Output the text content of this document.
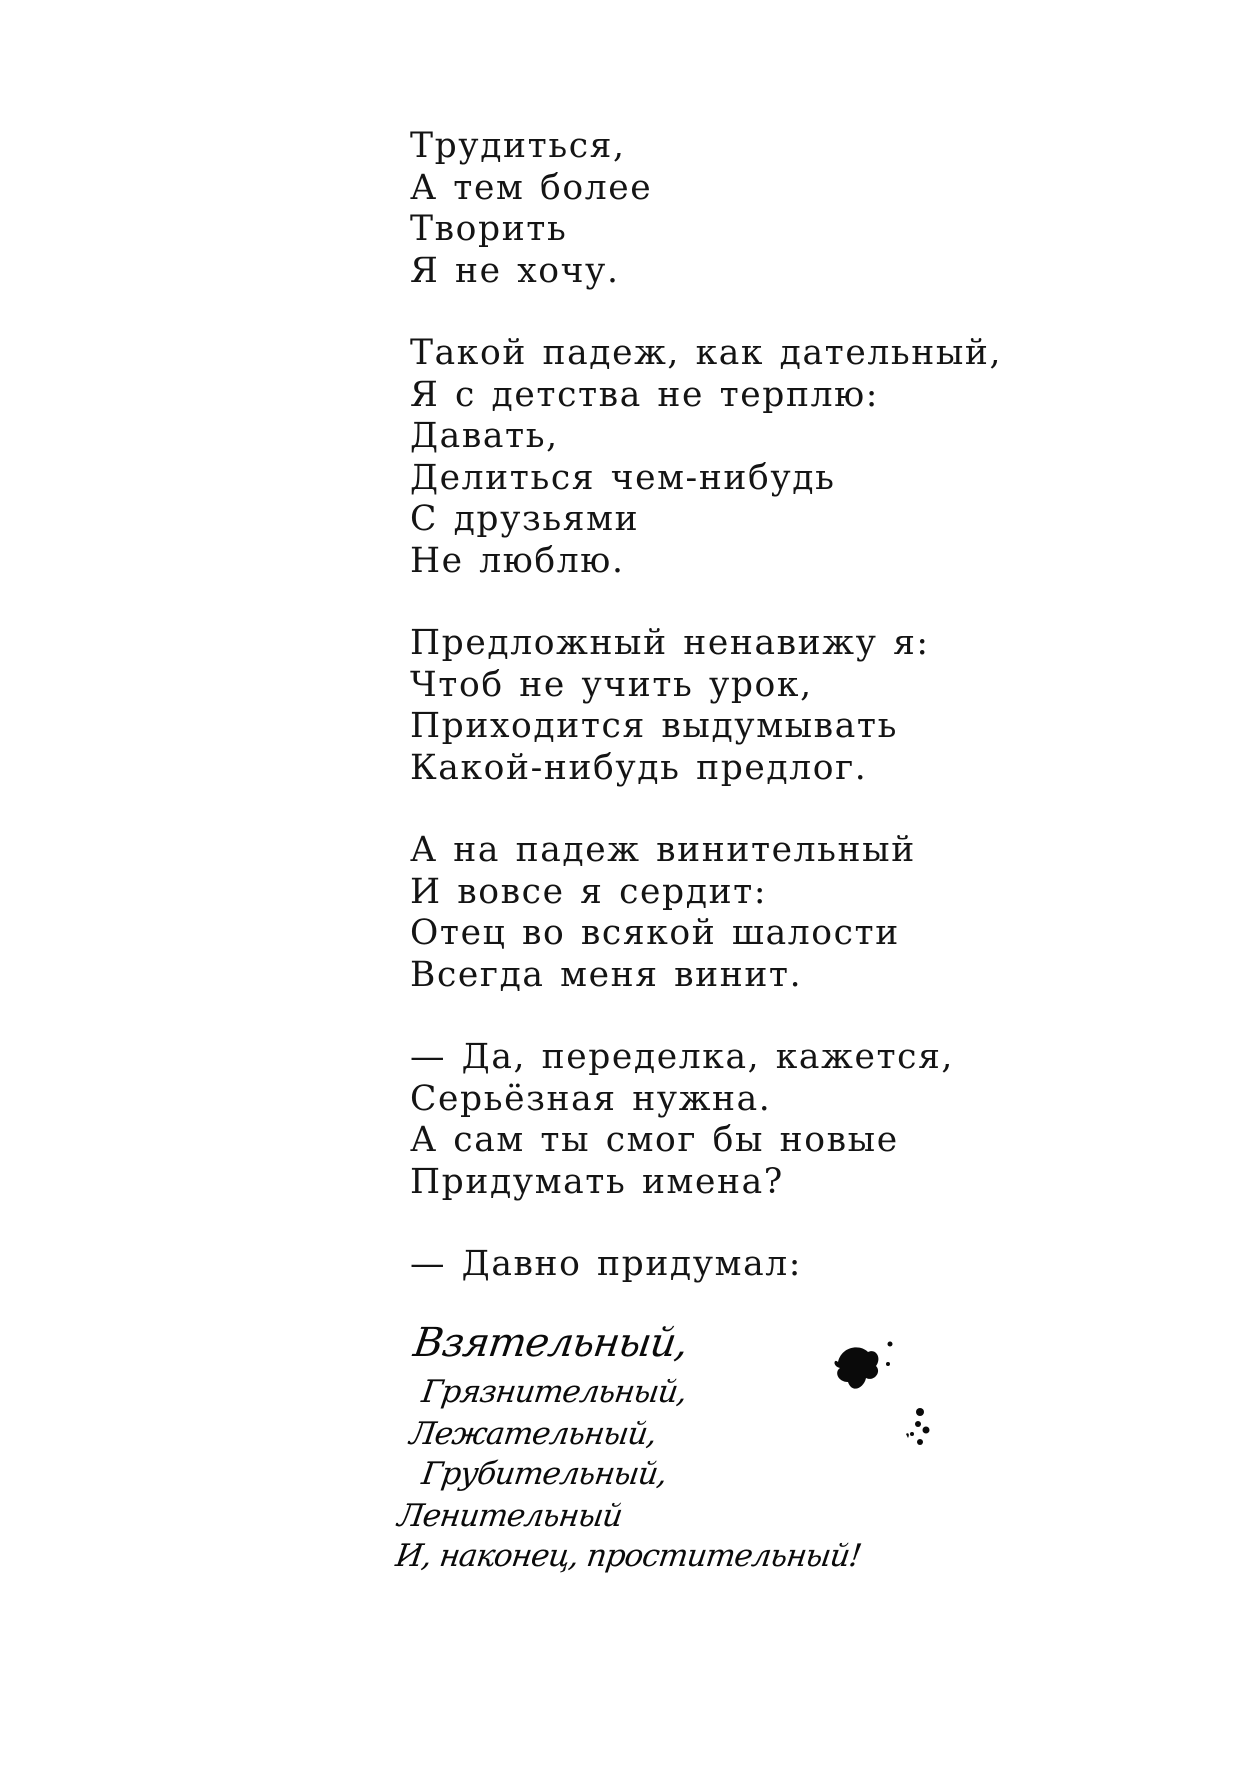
Трудиться,
А тем более
Творить
Я не хочу.
Такой падеж, как дательный,
Я с детства не терплю:
Давать,
Делиться чем-нибудь
С друзьями
Не люблю.
Предложный ненавижу я:
Чтоб не учить урок,
Приходится выдумывать
Какой-нибудь предлог.
А на падеж винительный
И вовсе я сердит:
Отец во всякой шалости
Всегда меня винит.
— Да, переделка, кажется,
Серьёзная нужна.
А сам ты смог бы новые
Придумать имена?
— Давно придумал:
Взятельный,
Грязнительный,
Лежательный,
Грубительный,
Ленительный
И, наконец, простительный!
